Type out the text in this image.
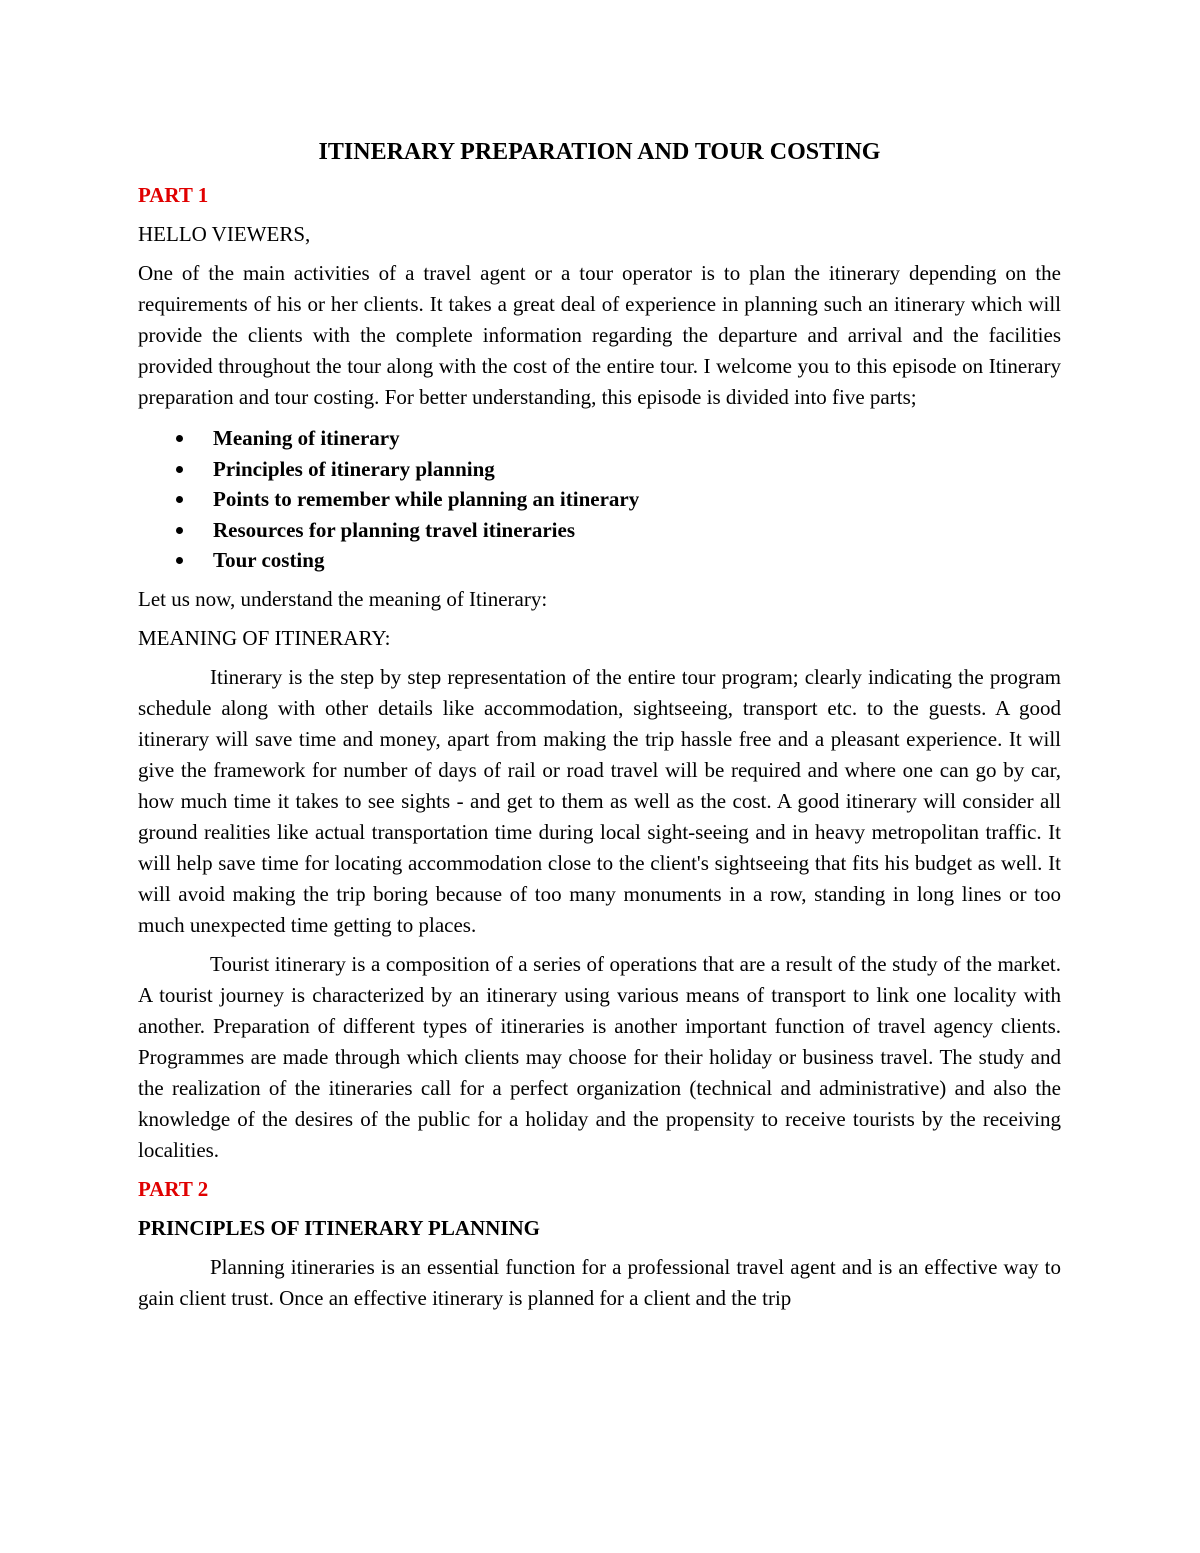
ITINERARY PREPARATION AND TOUR COSTING
PART 1
HELLO VIEWERS,
One of the main activities of a travel agent or a tour operator is to plan the itinerary depending on the requirements of his or her clients. It takes a great deal of experience in planning such an itinerary which will provide the clients with the complete information regarding the departure and arrival and the facilities provided throughout the tour along with the cost of the entire tour. I welcome you to this episode on Itinerary preparation and tour costing. For better understanding, this episode is divided into five parts;
Meaning of itinerary
Principles of itinerary planning
Points to remember while planning an itinerary
Resources for planning travel itineraries
Tour costing
Let us now, understand the meaning of Itinerary:
MEANING OF ITINERARY:
Itinerary is the step by step representation of the entire tour program; clearly indicating the program schedule along with other details like accommodation, sightseeing, transport etc. to the guests. A good itinerary will save time and money, apart from making the trip hassle free and a pleasant experience. It will give the framework for number of days of rail or road travel will be required and where one can go by car, how much time it takes to see sights - and get to them as well as the cost. A good itinerary will consider all ground realities like actual transportation time during local sight-seeing and in heavy metropolitan traffic. It will help save time for locating accommodation close to the client's sightseeing that fits his budget as well. It will avoid making the trip boring because of too many monuments in a row, standing in long lines or too much unexpected time getting to places.
Tourist itinerary is a composition of a series of operations that are a result of the study of the market. A tourist journey is characterized by an itinerary using various means of transport to link one locality with another. Preparation of different types of itineraries is another important function of travel agency clients. Programmes are made through which clients may choose for their holiday or business travel. The study and the realization of the itineraries call for a perfect organization (technical and administrative) and also the knowledge of the desires of the public for a holiday and the propensity to receive tourists by the receiving localities.
PART 2
PRINCIPLES OF ITINERARY PLANNING
Planning itineraries is an essential function for a professional travel agent and is an effective way to gain client trust. Once an effective itinerary is planned for a client and the trip
